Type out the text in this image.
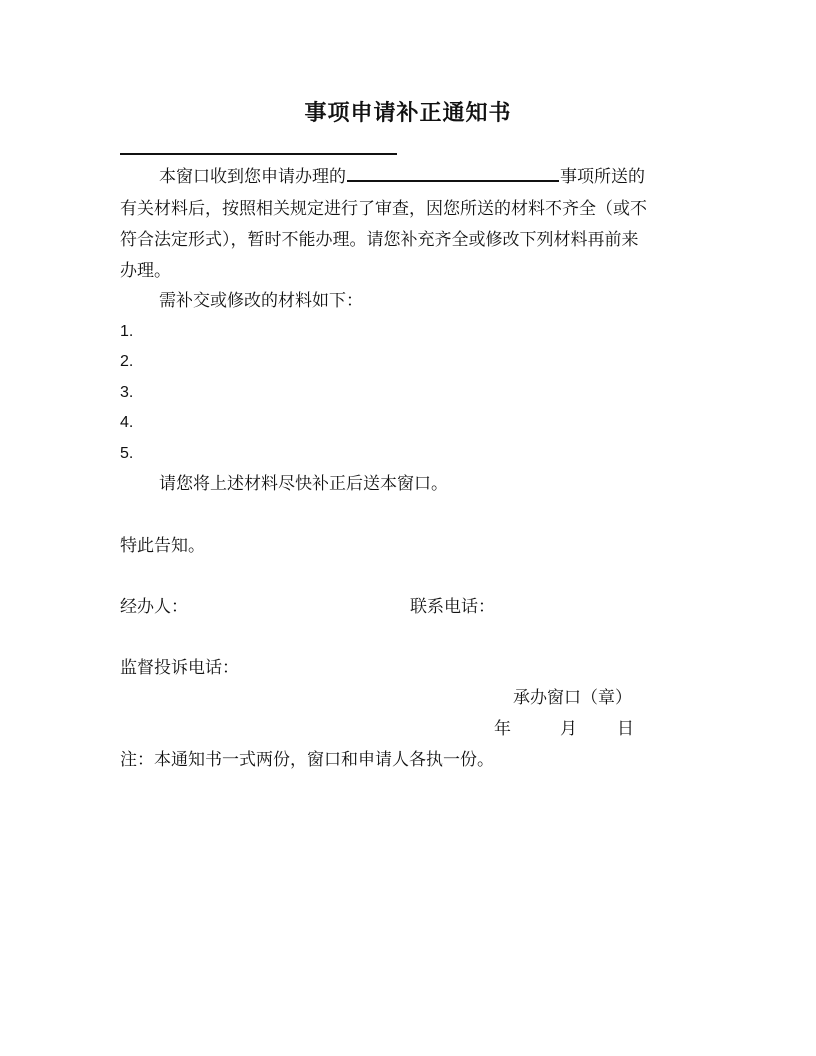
事项申请补正通知书
本窗口收到您申请办理的	事项所送的
有关材料后，按照相关规定进行了审查，因您所送的材料不齐全（或不
符合法定形式），暂时不能办理。请您补充齐全或修改下列材料再前来
办理。
需补交或修改的材料如下：
1.
2.
3.
4.
5.
请您将上述材料尽快补正后送本窗口。
特此告知。
经办人：	联系电话：
监督投诉电话：
承办窗口（章）
年	月 日
注：本通知书一式两份，窗口和申请人各执一份。
